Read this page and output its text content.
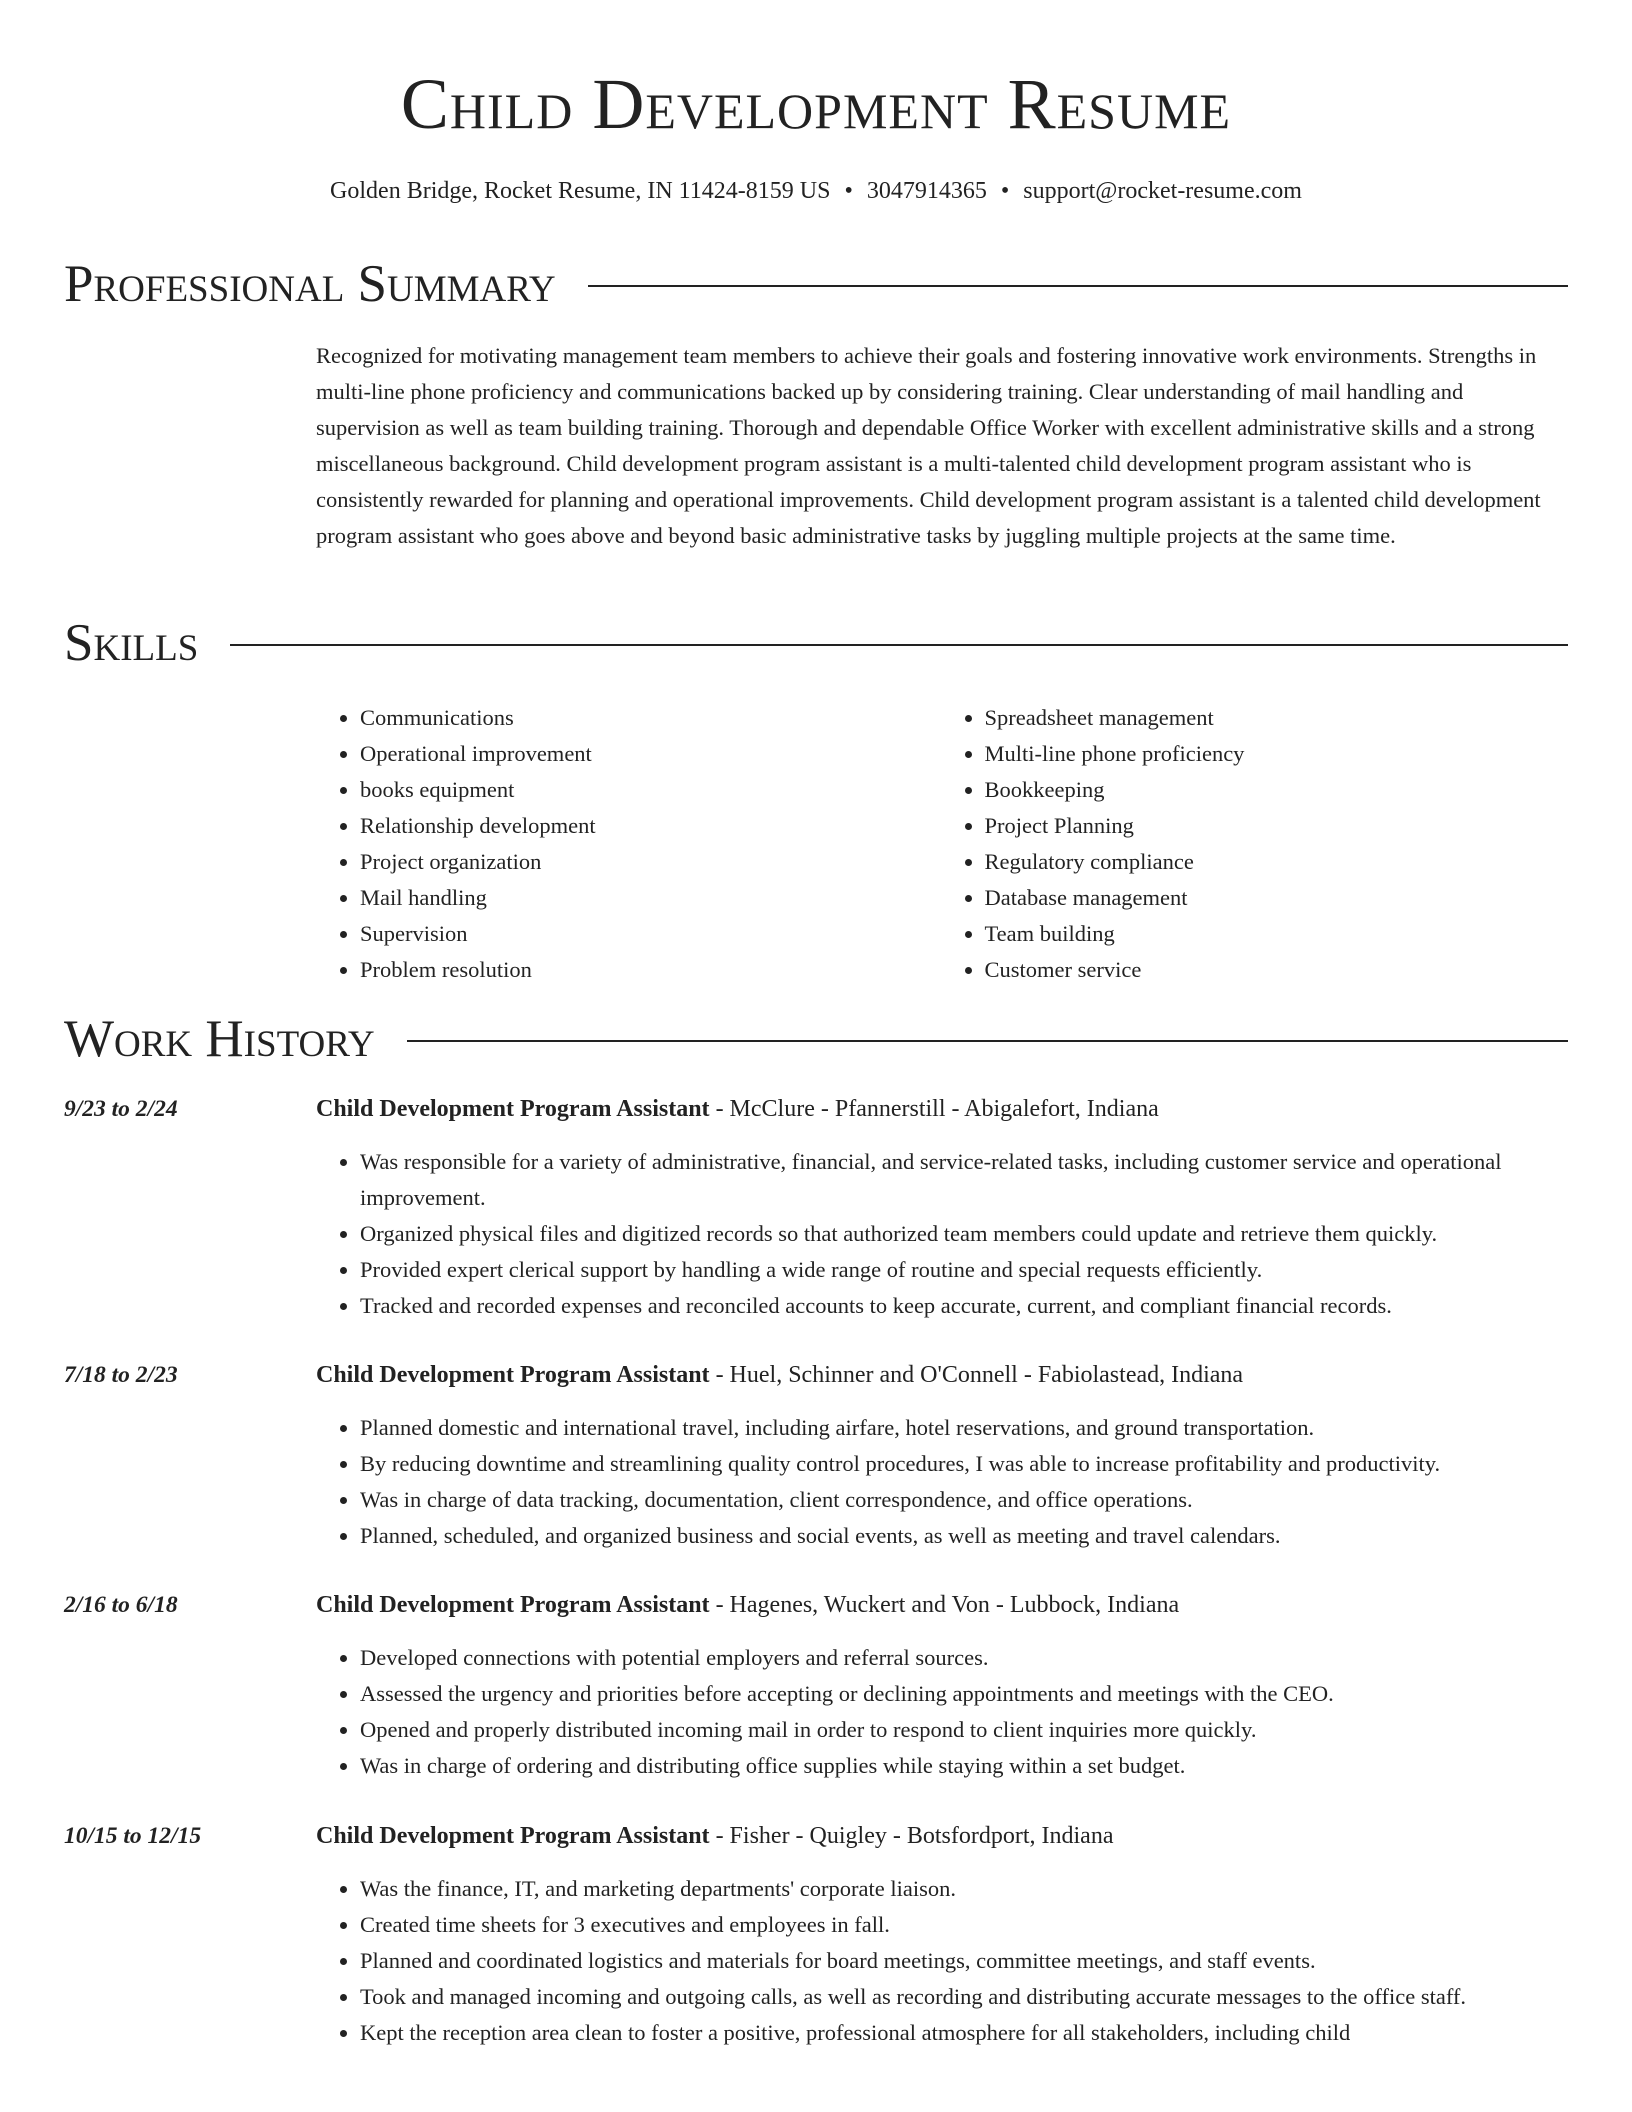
Child Development Resume
Golden Bridge, Rocket Resume, IN 11424-8159 US • 3047914365 • support@rocket-resume.com
Professional Summary

Recognized for motivating management team members to achieve their goals and fostering innovative work environments. Strengths in multi-line phone proficiency and communications backed up by considering training. Clear understanding of mail handling and supervision as well as team building training. Thorough and dependable Office Worker with excellent administrative skills and a strong miscellaneous background. Child development program assistant is a multi-talented child development program assistant who is consistently rewarded for planning and operational improvements. Child development program assistant is a talented child development program assistant who goes above and beyond basic administrative tasks by juggling multiple projects at the same time.

Skills
• Communications
• Operational improvement
• books equipment
• Relationship development
• Project organization
• Mail handling
• Supervision
• Problem resolution
• Spreadsheet management
• Multi-line phone proficiency
• Bookkeeping
• Project Planning
• Regulatory compliance
• Database management
• Team building
• Customer service
Work History
9/23 to 2/24	Child Development Program Assistant - McClure - Pfannerstill - Abigalefort, Indiana
• Was responsible for a variety of administrative, financial, and service-related tasks, including customer service and operational improvement.
• Organized physical files and digitized records so that authorized team members could update and retrieve them quickly.
• Provided expert clerical support by handling a wide range of routine and special requests efficiently.
• Tracked and recorded expenses and reconciled accounts to keep accurate, current, and compliant financial records.
7/18 to 2/23	Child Development Program Assistant - Huel, Schinner and O'Connell - Fabiolastead, Indiana
• Planned domestic and international travel, including airfare, hotel reservations, and ground transportation.
• By reducing downtime and streamlining quality control procedures, I was able to increase profitability and productivity.
• Was in charge of data tracking, documentation, client correspondence, and office operations.
• Planned, scheduled, and organized business and social events, as well as meeting and travel calendars.
2/16 to 6/18	Child Development Program Assistant - Hagenes, Wuckert and Von - Lubbock, Indiana
• Developed connections with potential employers and referral sources.
• Assessed the urgency and priorities before accepting or declining appointments and meetings with the CEO.
• Opened and properly distributed incoming mail in order to respond to client inquiries more quickly.
• Was in charge of ordering and distributing office supplies while staying within a set budget.
10/15 to 12/15	Child Development Program Assistant - Fisher - Quigley - Botsfordport, Indiana
• Was the finance, IT, and marketing departments' corporate liaison.
• Created time sheets for 3 executives and employees in fall.
• Planned and coordinated logistics and materials for board meetings, committee meetings, and staff events.
• Took and managed incoming and outgoing calls, as well as recording and distributing accurate messages to the office staff.
• Kept the reception area clean to foster a positive, professional atmosphere for all stakeholders, including child
